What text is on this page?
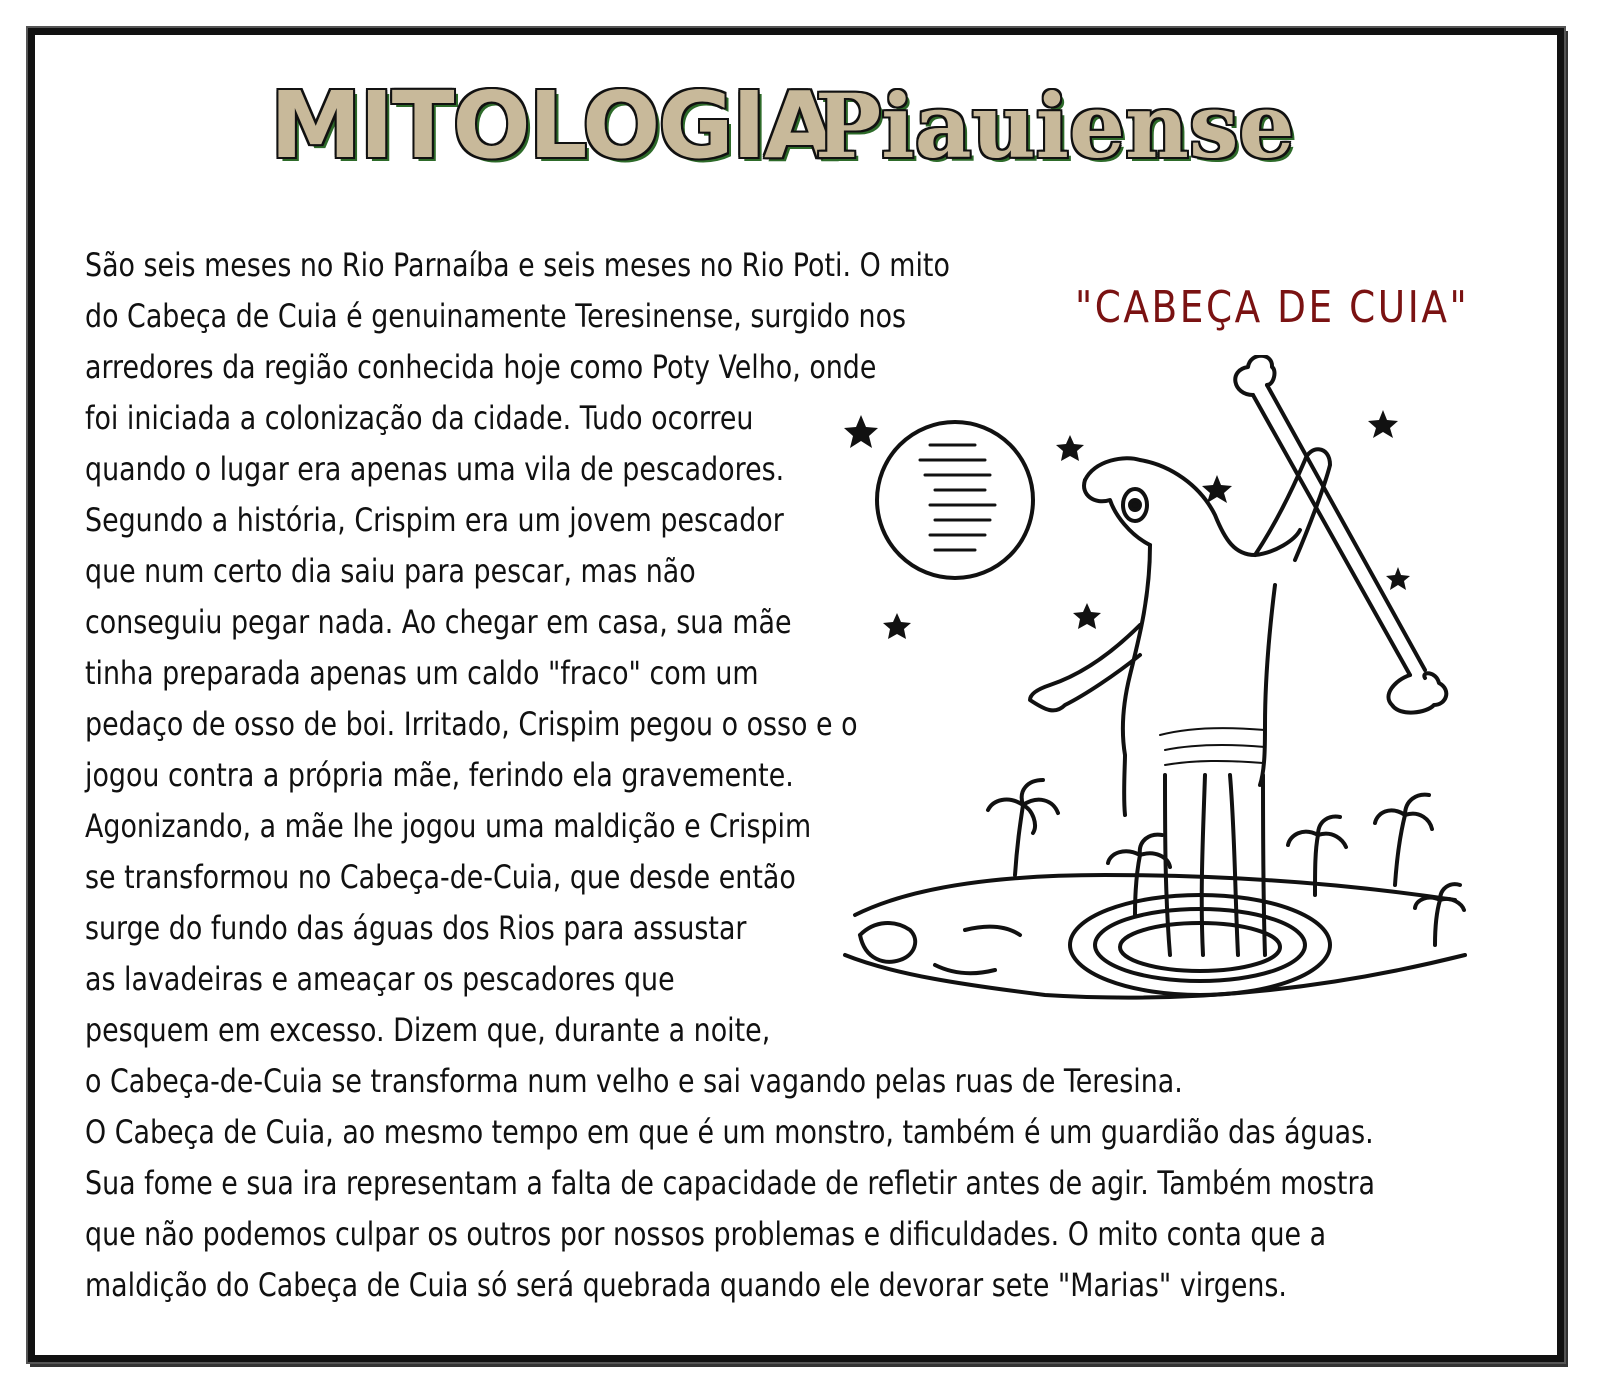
MITOLOGIA
Piauiense
"CABEÇA DE CUIA"
São seis meses no Rio Parnaíba e seis meses no Rio Poti. O mito
do Cabeça de Cuia é genuinamente Teresinense, surgido nos
arredores da região conhecida hoje como Poty Velho, onde
foi iniciada a colonização da cidade. Tudo ocorreu
quando o lugar era apenas uma vila de pescadores.
Segundo a história, Crispim era um jovem pescador
que num certo dia saiu para pescar, mas não
conseguiu pegar nada. Ao chegar em casa, sua mãe
tinha preparada apenas um caldo "fraco" com um
pedaço de osso de boi. Irritado, Crispim pegou o osso e o
jogou contra a própria mãe, ferindo ela gravemente.
Agonizando, a mãe lhe jogou uma maldição e Crispim
se transformou no Cabeça-de-Cuia, que desde então
surge do fundo das águas dos Rios para assustar
as lavadeiras e ameaçar os pescadores que
pesquem em excesso. Dizem que, durante a noite,
o Cabeça-de-Cuia se transforma num velho e sai vagando pelas ruas de Teresina.
O Cabeça de Cuia, ao mesmo tempo em que é um monstro, também é um guardião das águas.
Sua fome e sua ira representam a falta de capacidade de refletir antes de agir. Também mostra
que não podemos culpar os outros por nossos problemas e dificuldades. O mito conta que a
maldição do Cabeça de Cuia só será quebrada quando ele devorar sete "Marias" virgens.
